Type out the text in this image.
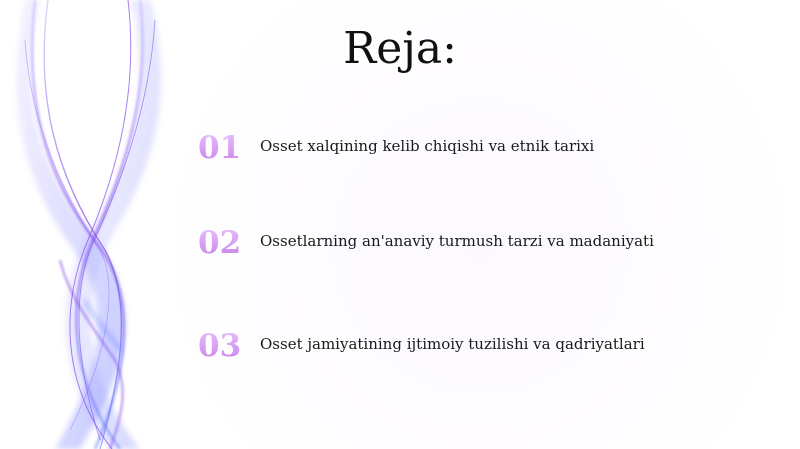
Reja:
01	Osset xalqining kelib chiqishi va etnik tarixi
02	Ossetlarning an'anaviy turmush tarzi va madaniyati
03	Osset jamiyatining ijtimoiy tuzilishi va qadriyatlari
